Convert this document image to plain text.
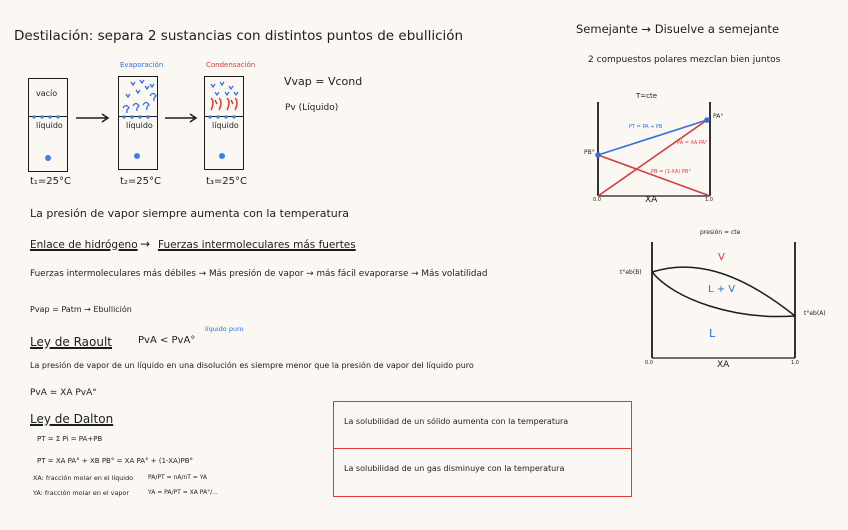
Destilación: separa 2 sustancias con distintos puntos de ebullición
vacío
líquido
t₁=25°C
Evaporación
líquido
t₂=25°C
Condensación
líquido
t₃=25°C
Vvap = Vcond
Pv (Líquido)
La presión de vapor siempre aumenta con la temperatura
Enlace de hidrógeno → Fuerzas intermoleculares más fuertes
Fuerzas intermoleculares más débiles → Más presión de vapor → más fácil evaporarse → Más volatilidad
Pvap = Patm → Ebullición
Ley de Raoult	PvA < PvA°
líquido puro
La presión de vapor de un líquido en una disolución es siempre menor que la presión de vapor del líquido puro
PvA = XA PvA°
Ley de Dalton
PT = Σ Pi = PA+PB
PT = XA PA° + XB PB° = XA PA° + (1-XA)PB°
XA: fracción molar en el líquido
YA: fracción molar en el vapor
PA/PT = nA/nT = YA
YA = PA/PT = XA PA°/...
Semejante → Disuelve a semejante
2 compuestos polares mezclan bien juntos
T=cte
PB°
PA°
PT = PA + PB
PA = XA PA°
PB = (1-XA) PB°
0.0	XA	1.0
presión = cte
V
L + V
L
t°eb(B)
t°eb(A)
0.0	XA	1.0
La solubilidad de un sólido aumenta con la temperatura
La solubilidad de un gas disminuye con la temperatura
